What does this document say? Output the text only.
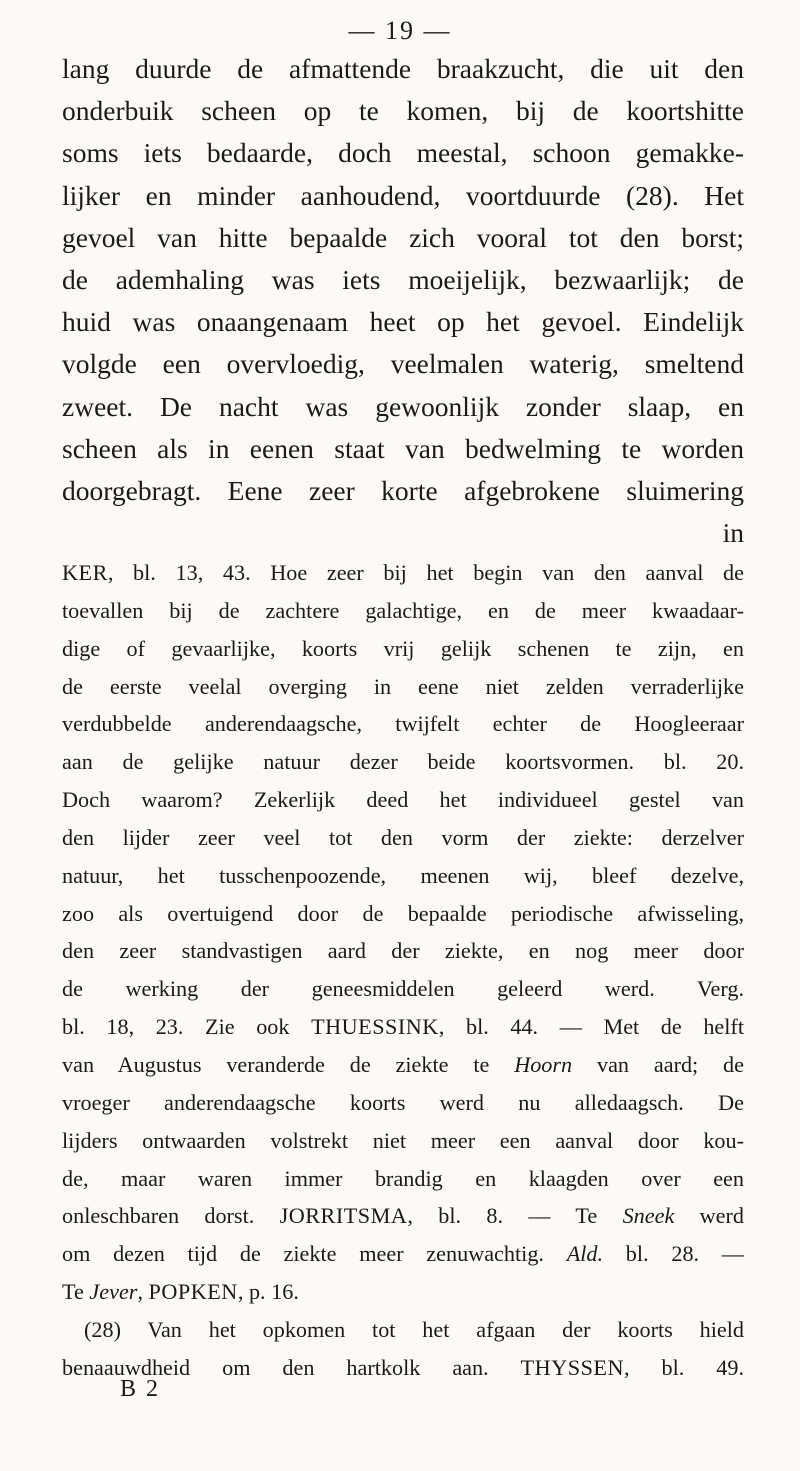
— 19 —
lang duurde de afmattende braakzucht, die uit den
onderbuik scheen op te komen, bij de koortshitte
soms iets bedaarde, doch meestal, schoon gemakke-
lijker en minder aanhoudend, voortduurde (28). Het
gevoel van hitte bepaalde zich vooral tot den borst;
de ademhaling was iets moeijelijk, bezwaarlijk; de
huid was onaangenaam heet op het gevoel. Eindelijk
volgde een overvloedig, veelmalen waterig, smeltend
zweet. De nacht was gewoonlijk zonder slaap, en
scheen als in eenen staat van bedwelming te worden
doorgebragt. Eene zeer korte afgebrokene sluimering
in
KER, bl. 13, 43. Hoe zeer bij het begin van den aanval de
toevallen bij de zachtere galachtige, en de meer kwaadaar-
dige of gevaarlijke, koorts vrij gelijk schenen te zijn, en
de eerste veelal overging in eene niet zelden verraderlijke
verdubbelde anderendaagsche, twijfelt echter de Hoogleeraar
aan de gelijke natuur dezer beide koortsvormen. bl. 20.
Doch waarom? Zekerlijk deed het individueel gestel van
den lijder zeer veel tot den vorm der ziekte: derzelver
natuur, het tusschenpoozende, meenen wij, bleef dezelve,
zoo als overtuigend door de bepaalde periodische afwisseling,
den zeer standvastigen aard der ziekte, en nog meer door
de werking der geneesmiddelen geleerd werd. Verg.
bl. 18, 23. Zie ook THUESSINK, bl. 44. — Met de helft
van Augustus veranderde de ziekte te Hoorn van aard; de
vroeger anderendaagsche koorts werd nu alledaagsch. De
lijders ontwaarden volstrekt niet meer een aanval door kou-
de, maar waren immer brandig en klaagden over een
onleschbaren dorst. JORRITSMA, bl. 8. — Te Sneek werd
om dezen tijd de ziekte meer zenuwachtig. Ald. bl. 28. —
Te Jever, POPKEN, p. 16.
(28) Van het opkomen tot het afgaan der koorts hield
benaauwdheid om den hartkolk aan. THYSSEN, bl. 49.
B 2
